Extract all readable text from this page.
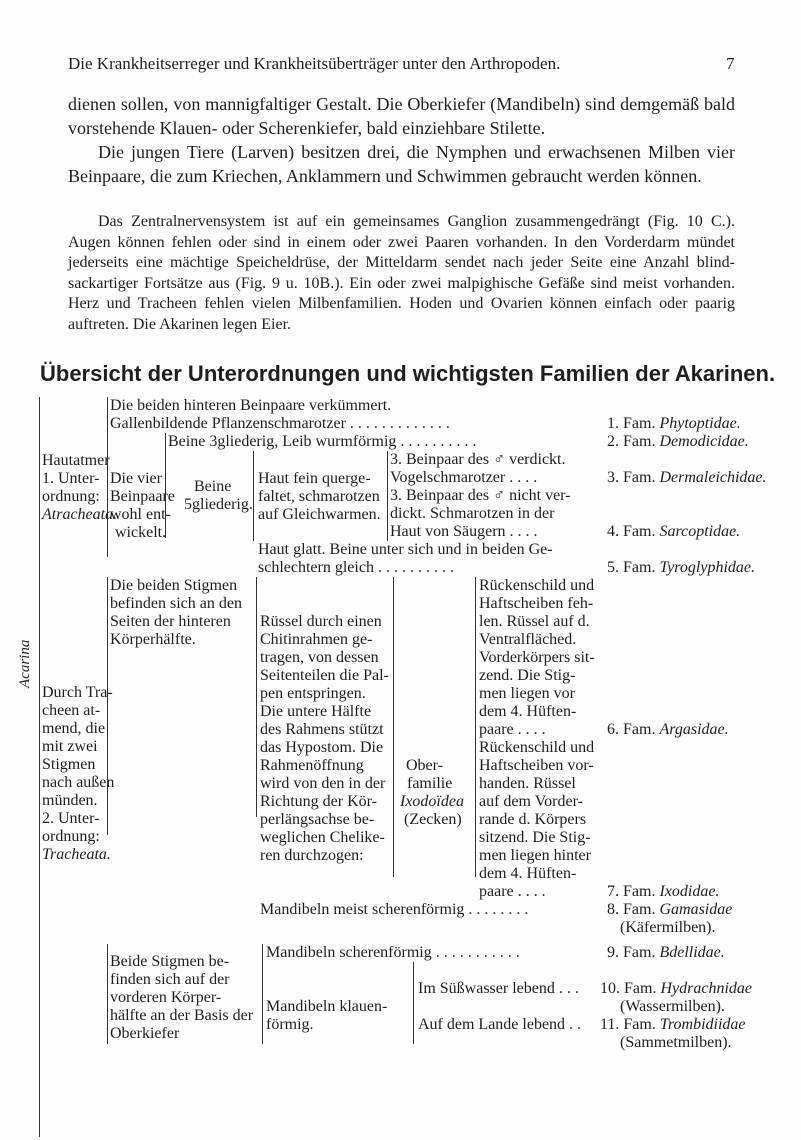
Die Krankheitserreger und Krankheitsüberträger unter den Arthropoden.	7

dienen sollen, von mannigfaltiger Gestalt. Die Oberkiefer (Mandibeln) sind demgemäß bald vorstehende Klauen- oder Scherenkiefer, bald einziehbare Stilette.

Die jungen Tiere (Larven) besitzen drei, die Nymphen und erwachsenen Milben vier Beinpaare, die zum Kriechen, Anklammern und Schwimmen gebraucht werden können.

Das Zentralnervensystem ist auf ein gemeinsames Ganglion zusammengedrängt (Fig. 10 C.). Augen können fehlen oder sind in einem oder zwei Paaren vorhanden. In den Vorderdarm mündet jederseits eine mächtige Speicheldrüse, der Mitteldarm sendet nach jeder Seite eine Anzahl blind-sackartiger Fortsätze aus (Fig. 9 u. 10B.). Ein oder zwei malpighische Gefäße sind meist vorhanden. Herz und Tracheen fehlen vielen Milbenfamilien. Hoden und Ovarien können einfach oder paarig auftreten. Die Akarinen legen Eier.

Übersicht der Unterordnungen und wichtigsten Familien der Akarinen.
Acarina
Hautatmer
1. Unter-
ordnung:
Atracheata.
Durch Tra-
cheen at-
mend, die
mit zwei
Stigmen
nach außen
münden.
2. Unter-
ordnung:
Tracheata.
Die beiden hinteren Beinpaare verkümmert.
Gallenbildende Pflanzenschmarotzer . . . . . . . . . . . . .
Die vier
Beinpaare
wohl ent-
wickelt.
Beine 3gliederig, Leib wurmförmig . . . . . . . . . .
Beine
5gliederig.
Haut fein querge-
faltet, schmarotzen
auf Gleichwarmen.
3. Beinpaar des ♂ verdickt.
Vogelschmarotzer . . . .
3. Beinpaar des ♂ nicht ver-
dickt. Schmarotzen in der
Haut von Säugern . . . .
Haut glatt. Beine unter sich und in beiden Ge-
schlechtern gleich . . . . . . . . . .
Die beiden Stigmen
befinden sich an den
Seiten der hinteren
Körperhälfte.
Rüssel durch einen
Chitinrahmen ge-
tragen, von dessen
Seitenteilen die Pal-
pen entspringen.
Die untere Hälfte
des Rahmens stützt
das Hypostom. Die
Rahmenöffnung
wird von den in der
Richtung der Kör-
perlängsachse be-
weglichen Chelike-
ren durchzogen:
Ober-
familie
Ixodoïdea
(Zecken)
Rückenschild und
Haftscheiben feh-
len. Rüssel auf d.
Ventralfläched.
Vorderkörpers sit-
zend. Die Stig-
men liegen vor
dem 4. Hüften-
paare . . . .
Rückenschild und
Haftscheiben vor-
handen. Rüssel
auf dem Vorder-
rande d. Körpers
sitzend. Die Stig-
men liegen hinter
dem 4. Hüften-
paare . . . .
Mandibeln meist scherenförmig . . . . . . . .
Beide Stigmen be-
finden sich auf der
vorderen Körper-
hälfte an der Basis der
Oberkiefer
Mandibeln scherenförmig . . . . . . . . . . .
Mandibeln klauen-
förmig.
Im Süßwasser lebend . . .
Auf dem Lande lebend . .
1. Fam. Phytoptidae.
2. Fam. Demodicidae.
3. Fam. Dermaleichidae.
4. Fam. Sarcoptidae.
5. Fam. Tyroglyphidae.
6. Fam. Argasidae.
7. Fam. Ixodidae.
8. Fam. Gamasidae
(Käfermilben).
9. Fam. Bdellidae.
10. Fam. Hydrachnidae
(Wassermilben).
11. Fam. Trombidiidae
(Sammetmilben).
